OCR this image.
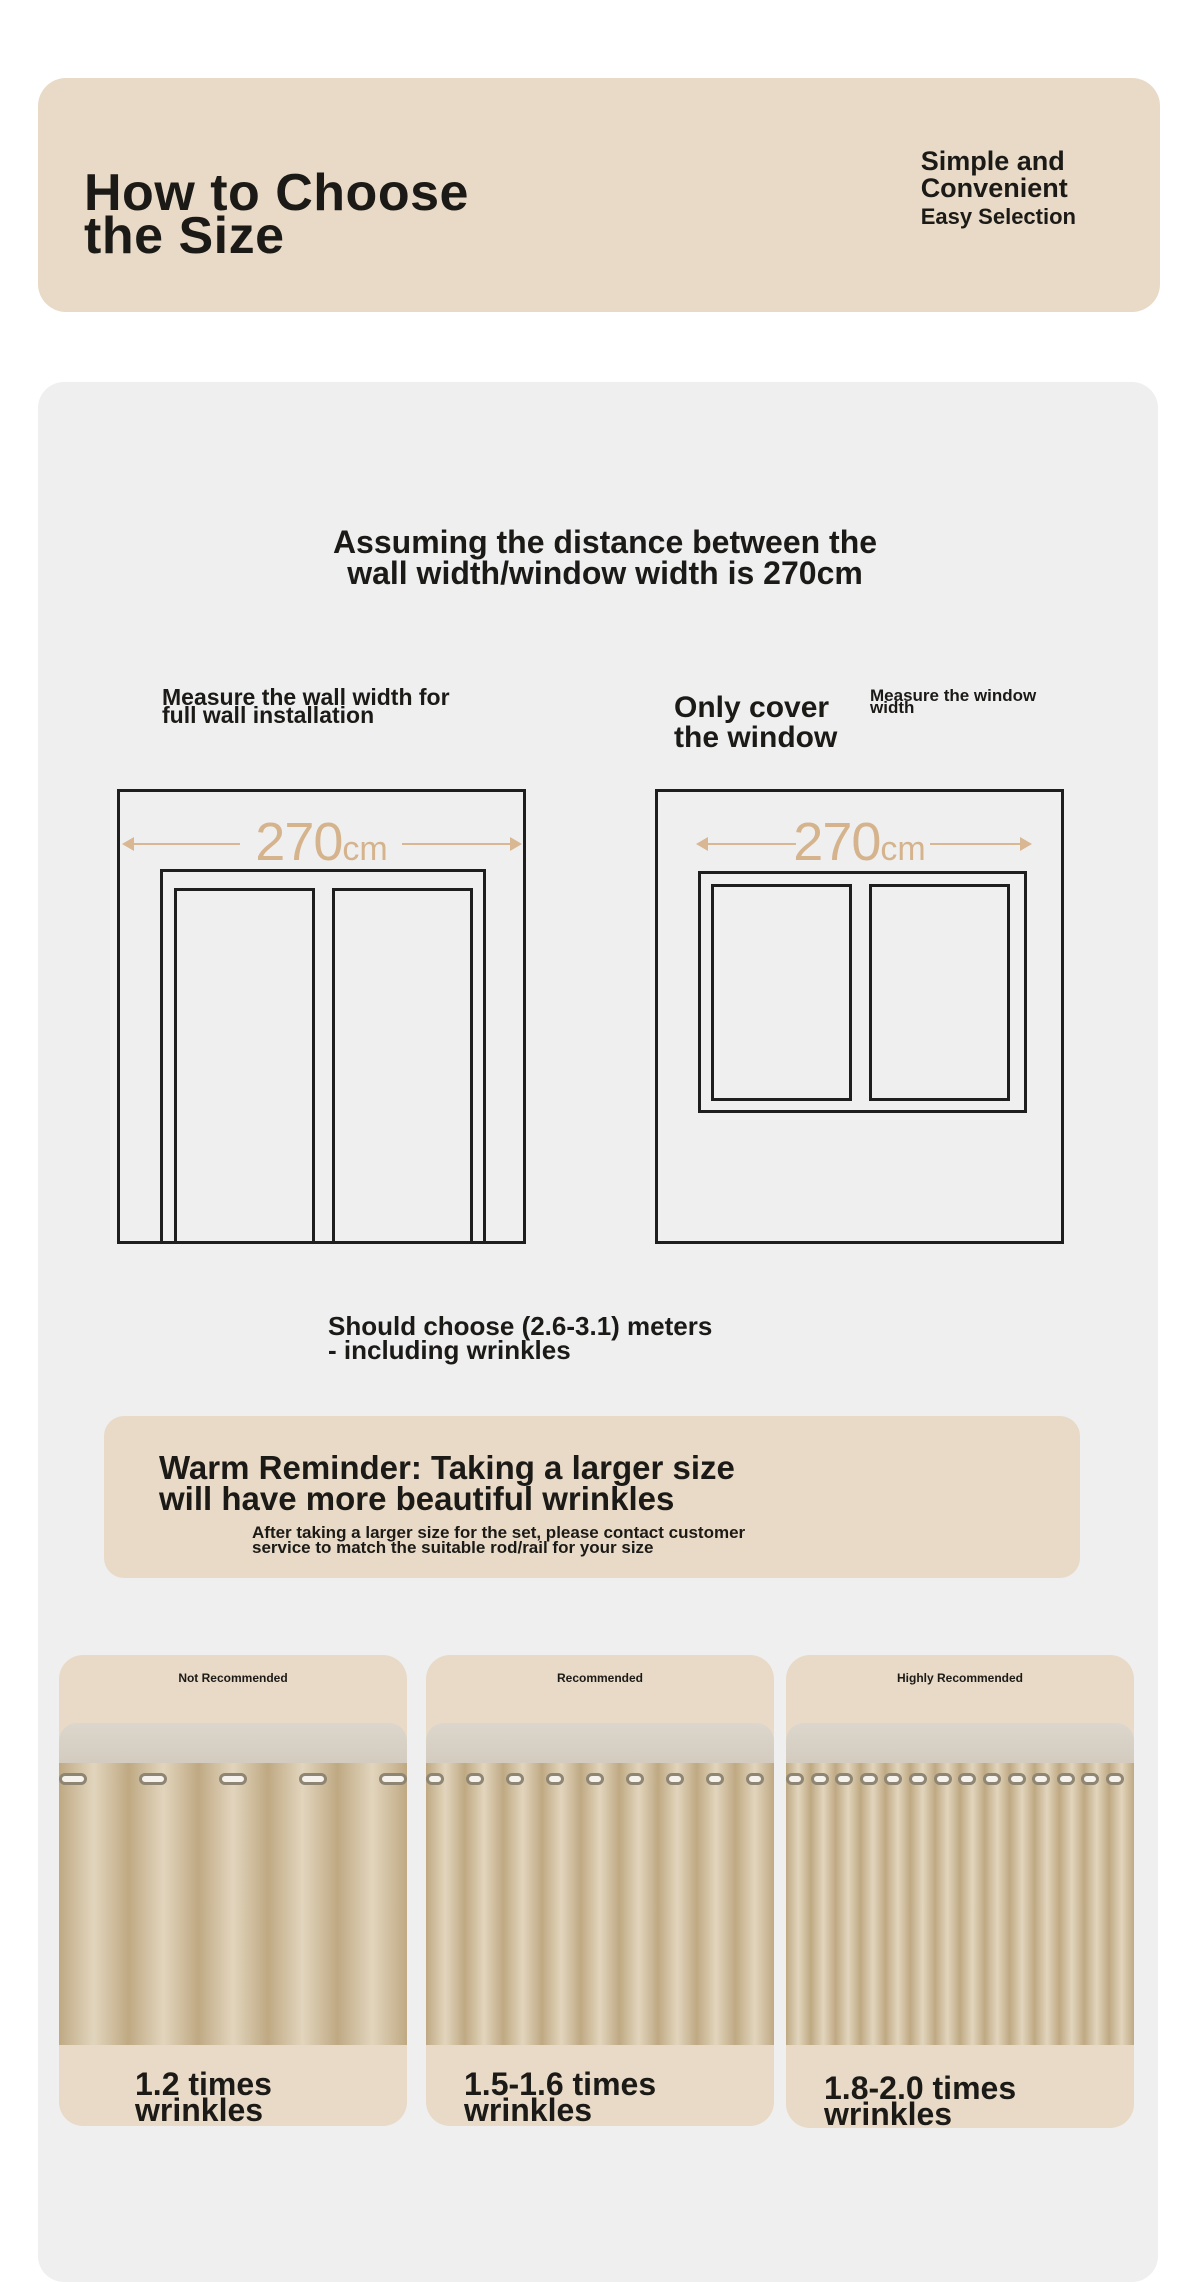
How to Choose
the Size
Simple and
Convenient
Easy Selection
Assuming the distance between the
wall width/window width is 270cm
Measure the wall width for
full wall installation	Only cover
the window
Measure the window
width
270cm	270cm
Should choose (2.6-3.1) meters
- including wrinkles
Warm Reminder: Taking a larger size
will have more beautiful wrinkles
After taking a larger size for the set, please contact customer
service to match the suitable rod/rail for your size
Not Recommended
1.2 times
wrinkles
Recommended
1.5-1.6 times
wrinkles
Highly Recommended
1.8-2.0 times
wrinkles
